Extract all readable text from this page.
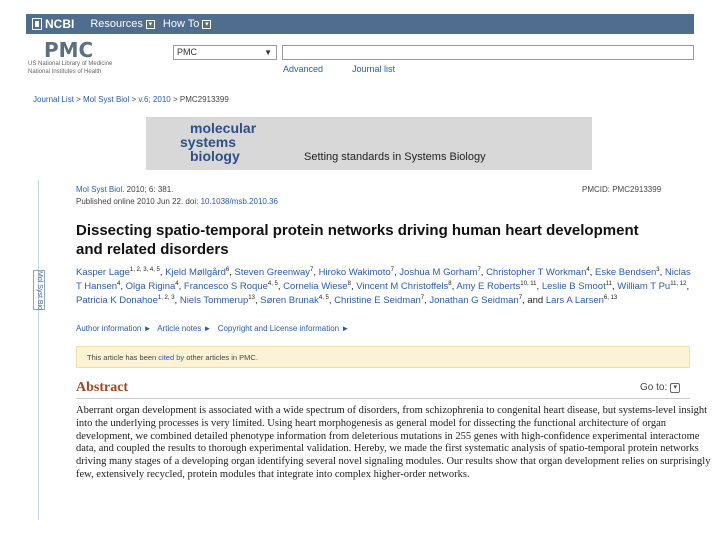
NCBI Resources ▾ How To ▾
PMC
US National Library of Medicine
National Institutes of Health
PMC	▼
Advanced	Journal list
Journal List > Mol Syst Biol > v.6; 2010 > PMC2913399
molecular
systems
biology	Setting standards in Systems Biology
Mol Syst Bio
Mol Syst Biol. 2010; 6: 381.
Published online 2010 Jun 22. doi: 10.1038/msb.2010.36
PMCID: PMC2913399
Dissecting spatio-temporal protein networks driving human heart development and related disorders
Kasper Lage$^{1, 2, 3, 4, 5}$, Kjeld Møllgård$^6$, Steven Greenway$^7$, Hiroko Wakimoto$^7$, Joshua M Gorham$^7$, Christopher T Workman$^4$, Eske Bendsen$^3$, Niclas T Hansen$^4$, Olga Rigina$^4$, Francesco S Roque$^{4, 5}$, Cornelia Wiese$^8$, Vincent M Christoffels$^8$, Amy E Roberts$^{10, 11}$, Leslie B Smoot$^{11}$, William T Pu$^{11, 12}$, Patricia K Donahoe$^{1, 2, 3}$, Niels Tommerup$^{13}$, Søren Brunak$^{4, 5}$, Christine E Seidman$^7$, Jonathan G Seidman$^7$, and Lars A Larsen$^{6, 13}$
Author information ► Article notes ► Copyright and License information ►
This article has been cited by other articles in PMC.
Abstract	Go to: ▾

Aberrant organ development is associated with a wide spectrum of disorders, from schizophrenia to congenital heart disease, but systems-level insight into the underlying processes is very limited. Using heart morphogenesis as general model for dissecting the functional architecture of organ development, we combined detailed phenotype information from deleterious mutations in 255 genes with high-confidence experimental interactome data, and coupled the results to thorough experimental validation. Hereby, we made the first systematic analysis of spatio-temporal protein networks driving many stages of a developing organ identifying several novel signaling modules. Our results show that organ development relies on surprisingly few, extensively recycled, protein modules that integrate into complex higher-order networks.
